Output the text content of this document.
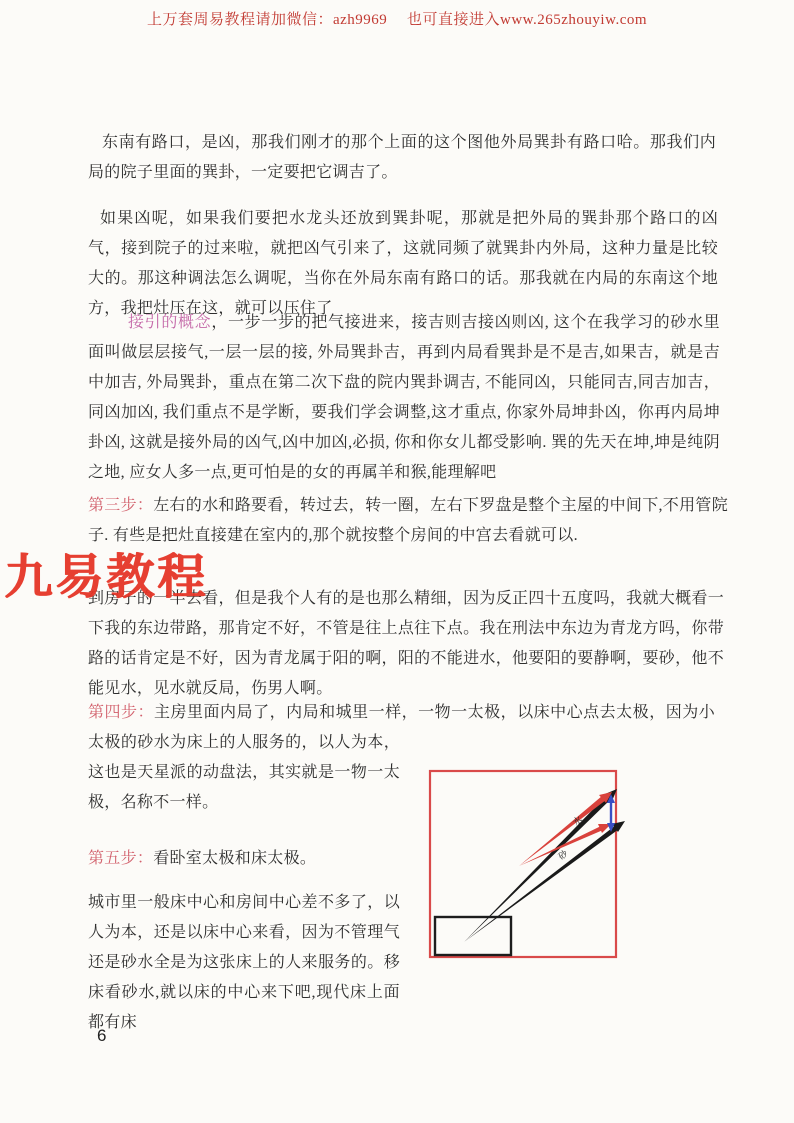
上万套周易教程请加微信：azh9969　 也可直接进入www.265zhouyiw.com

东南有路口，是凶，那我们刚才的那个上面的这个图他外局巽卦有路口哈。那我们内局的院子里面的巽卦，一定要把它调吉了。

如果凶呢，如果我们要把水龙头还放到巽卦呢，那就是把外局的巽卦那个路口的凶气，接到院子的过来啦，就把凶气引来了，这就同频了就巽卦内外局，这种力量是比较大的。那这种调法怎么调呢，当你在外局东南有路口的话。那我就在内局的东南这个地方，我把灶压在这，就可以压住了

接引的概念，一步一步的把气接进来，接吉则吉接凶则凶, 这个在我学习的砂水里面叫做层层接气,一层一层的接, 外局巽卦吉，再到内局看巽卦是不是吉,如果吉，就是吉中加吉, 外局巽卦，重点在第二次下盘的院内巽卦调吉, 不能同凶，只能同吉,同吉加吉，同凶加凶, 我们重点不是学断，要我们学会调整,这才重点, 你家外局坤卦凶，你再内局坤卦凶, 这就是接外局的凶气,凶中加凶,必损, 你和你女儿都受影响. 巽的先天在坤,坤是纯阴之地, 应女人多一点,更可怕是的女的再属羊和猴,能理解吧

第三步：左右的水和路要看，转过去，转一圈，左右下罗盘是整个主屋的中间下,不用管院子. 有些是把灶直接建在室内的,那个就按整个房间的中宫去看就可以.

九易教程

到房子的一半去看，但是我个人有的是也那么精细，因为反正四十五度吗，我就大概看一下我的东边带路，那肯定不好，不管是往上点往下点。我在刑法中东边为青龙方吗，你带路的话肯定是不好，因为青龙属于阳的啊，阳的不能进水，他要阳的要静啊，要砂，他不能见水，见水就反局，伤男人啊。

水
砂

第四步：主房里面内局了，内局和城里一样，一物一太极，以床中心点去太极，因为小太极的砂水为床上的人服务的，以人为本，这也是天星派的动盘法，其实就是一物一太极，名称不一样。

第五步：看卧室太极和床太极。

城市里一般床中心和房间中心差不多了，以人为本，还是以床中心来看，因为不管理气还是砂水全是为这张床上的人来服务的。移床看砂水,就以床的中心来下吧,现代床上面都有床

6
